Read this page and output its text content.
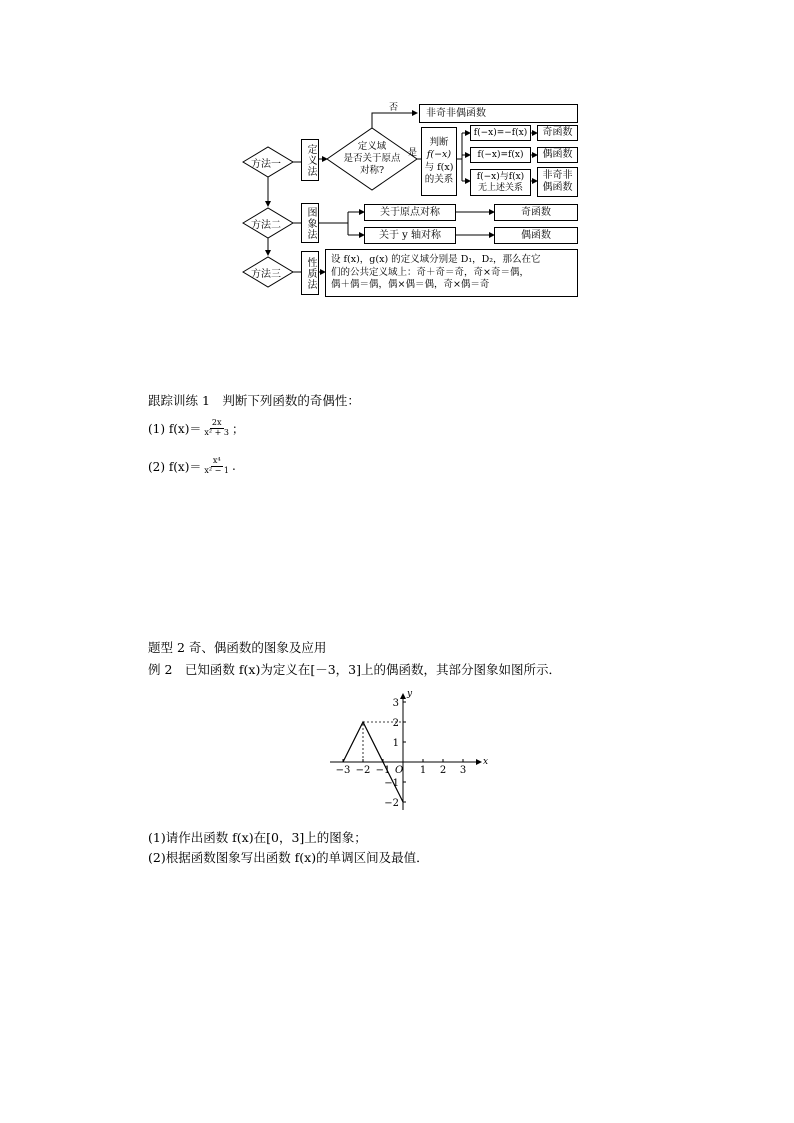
方法一
方法二
方法三
定义法
图象法
性质法
定义域
是否关于原点
对称?
否
是
非奇非偶函数
判断
f(−x)
与 f(x)
的关系
f(−x)=−f(x)
f(−x)=f(x)
f(−x)与f(x)
无上述关系
奇函数
偶函数
非奇非
偶函数
关于原点对称
关于 y 轴对称
奇函数
偶函数
设 f(x)，g(x) 的定义域分别是 D₁，D₂，那么在它
们的公共定义域上：奇＋奇＝奇，奇×奇＝偶，
偶＋偶＝偶，偶×偶＝偶，奇×偶＝奇
跟踪训练 1　判断下列函数的奇偶性：
(1) $f(x)= \frac{2x}{\text{x² + 3}}$ ；
(2) $f(x)= \frac{\text{x⁴}}{\text{x² − 1}}$ .
题型 2 奇、偶函数的图象及应用
例 2　已知函数 f(x)为定义在[－3，3]上的偶函数，其部分图象如图所示．
−3 −2 −1	1 2 3
3
2
1
−1
−2
x
y
O
(1)请作出函数 f(x)在[0，3]上的图象；
(2)根据函数图象写出函数 f(x)的单调区间及最值．
